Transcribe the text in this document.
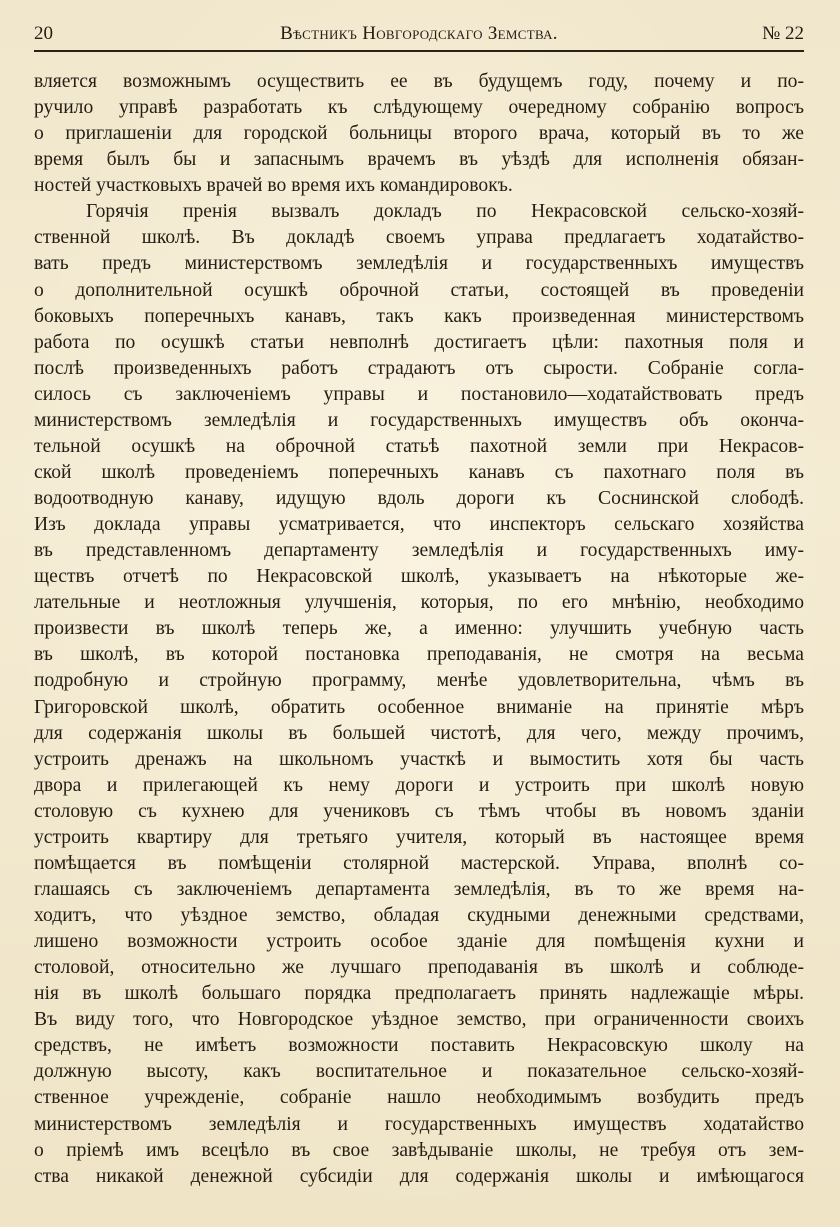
20	Вѣстникъ Новгородскаго Земства.	№ 22
вляется возможнымъ осуществить ее въ будущемъ году, почему и по-
ручило управѣ разработать къ слѣдующему очередному собранію вопросъ
о приглашеніи для городской больницы второго врача, который въ то же
время былъ бы и запаснымъ врачемъ въ уѣздѣ для исполненія обязан-
ностей участковыхъ врачей во время ихъ командировокъ.
Горячія пренія вызвалъ докладъ по Некрасовской сельско-хозяй-
ственной школѣ. Въ докладѣ своемъ управа предлагаетъ ходатайство-
вать предъ министерствомъ земледѣлія и государственныхъ имуществъ
о дополнительной осушкѣ оброчной статьи, состоящей въ проведеніи
боковыхъ поперечныхъ канавъ, такъ какъ произведенная министерствомъ
работа по осушкѣ статьи невполнѣ достигаетъ цѣли: пахотныя поля и
послѣ произведенныхъ работъ страдаютъ отъ сырости. Собраніе согла-
силось съ заключеніемъ управы и постановило—ходатайствовать предъ
министерствомъ земледѣлія и государственныхъ имуществъ объ оконча-
тельной осушкѣ на оброчной статьѣ пахотной земли при Некрасов-
ской школѣ проведеніемъ поперечныхъ канавъ съ пахотнаго поля въ
водоотводную канаву, идущую вдоль дороги къ Соснинской слободѣ.
Изъ доклада управы усматривается, что инспекторъ сельскаго хозяйства
въ представленномъ департаменту земледѣлія и государственныхъ иму-
ществъ отчетѣ по Некрасовской школѣ, указываетъ на нѣкоторые же-
лательные и неотложныя улучшенія, которыя, по его мнѣнію, необходимо
произвести въ школѣ теперь же, а именно: улучшить учебную часть
въ школѣ, въ которой постановка преподаванія, не смотря на весьма
подробную и стройную программу, менѣе удовлетворительна, чѣмъ въ
Григоровской школѣ, обратить особенное вниманіе на принятіе мѣръ
для содержанія школы въ большей чистотѣ, для чего, между прочимъ,
устроить дренажъ на школьномъ участкѣ и вымостить хотя бы часть
двора и прилегающей къ нему дороги и устроить при школѣ новую
столовую съ кухнею для учениковъ съ тѣмъ чтобы въ новомъ зданіи
устроить квартиру для третьяго учителя, который въ настоящее время
помѣщается въ помѣщеніи столярной мастерской. Управа, вполнѣ со-
глашаясь съ заключеніемъ департамента земледѣлія, въ то же время на-
ходитъ, что уѣздное земство, обладая скудными денежными средствами,
лишено возможности устроить особое зданіе для помѣщенія кухни и
столовой, относительно же лучшаго преподаванія въ школѣ и соблюде-
нія въ школѣ большаго порядка предполагаетъ принять надлежащіе мѣры.
Въ виду того, что Новгородское уѣздное земство, при ограниченности своихъ
средствъ, не имѣетъ возможности поставить Некрасовскую школу на
должную высоту, какъ воспитательное и показательное сельско-хозяй-
ственное учрежденіе, собраніе нашло необходимымъ возбудить предъ
министерствомъ земледѣлія и государственныхъ имуществъ ходатайство
о пріемѣ имъ всецѣло въ свое завѣдываніе школы, не требуя отъ зем-
ства никакой денежной субсидіи для содержанія школы и имѣющагося
